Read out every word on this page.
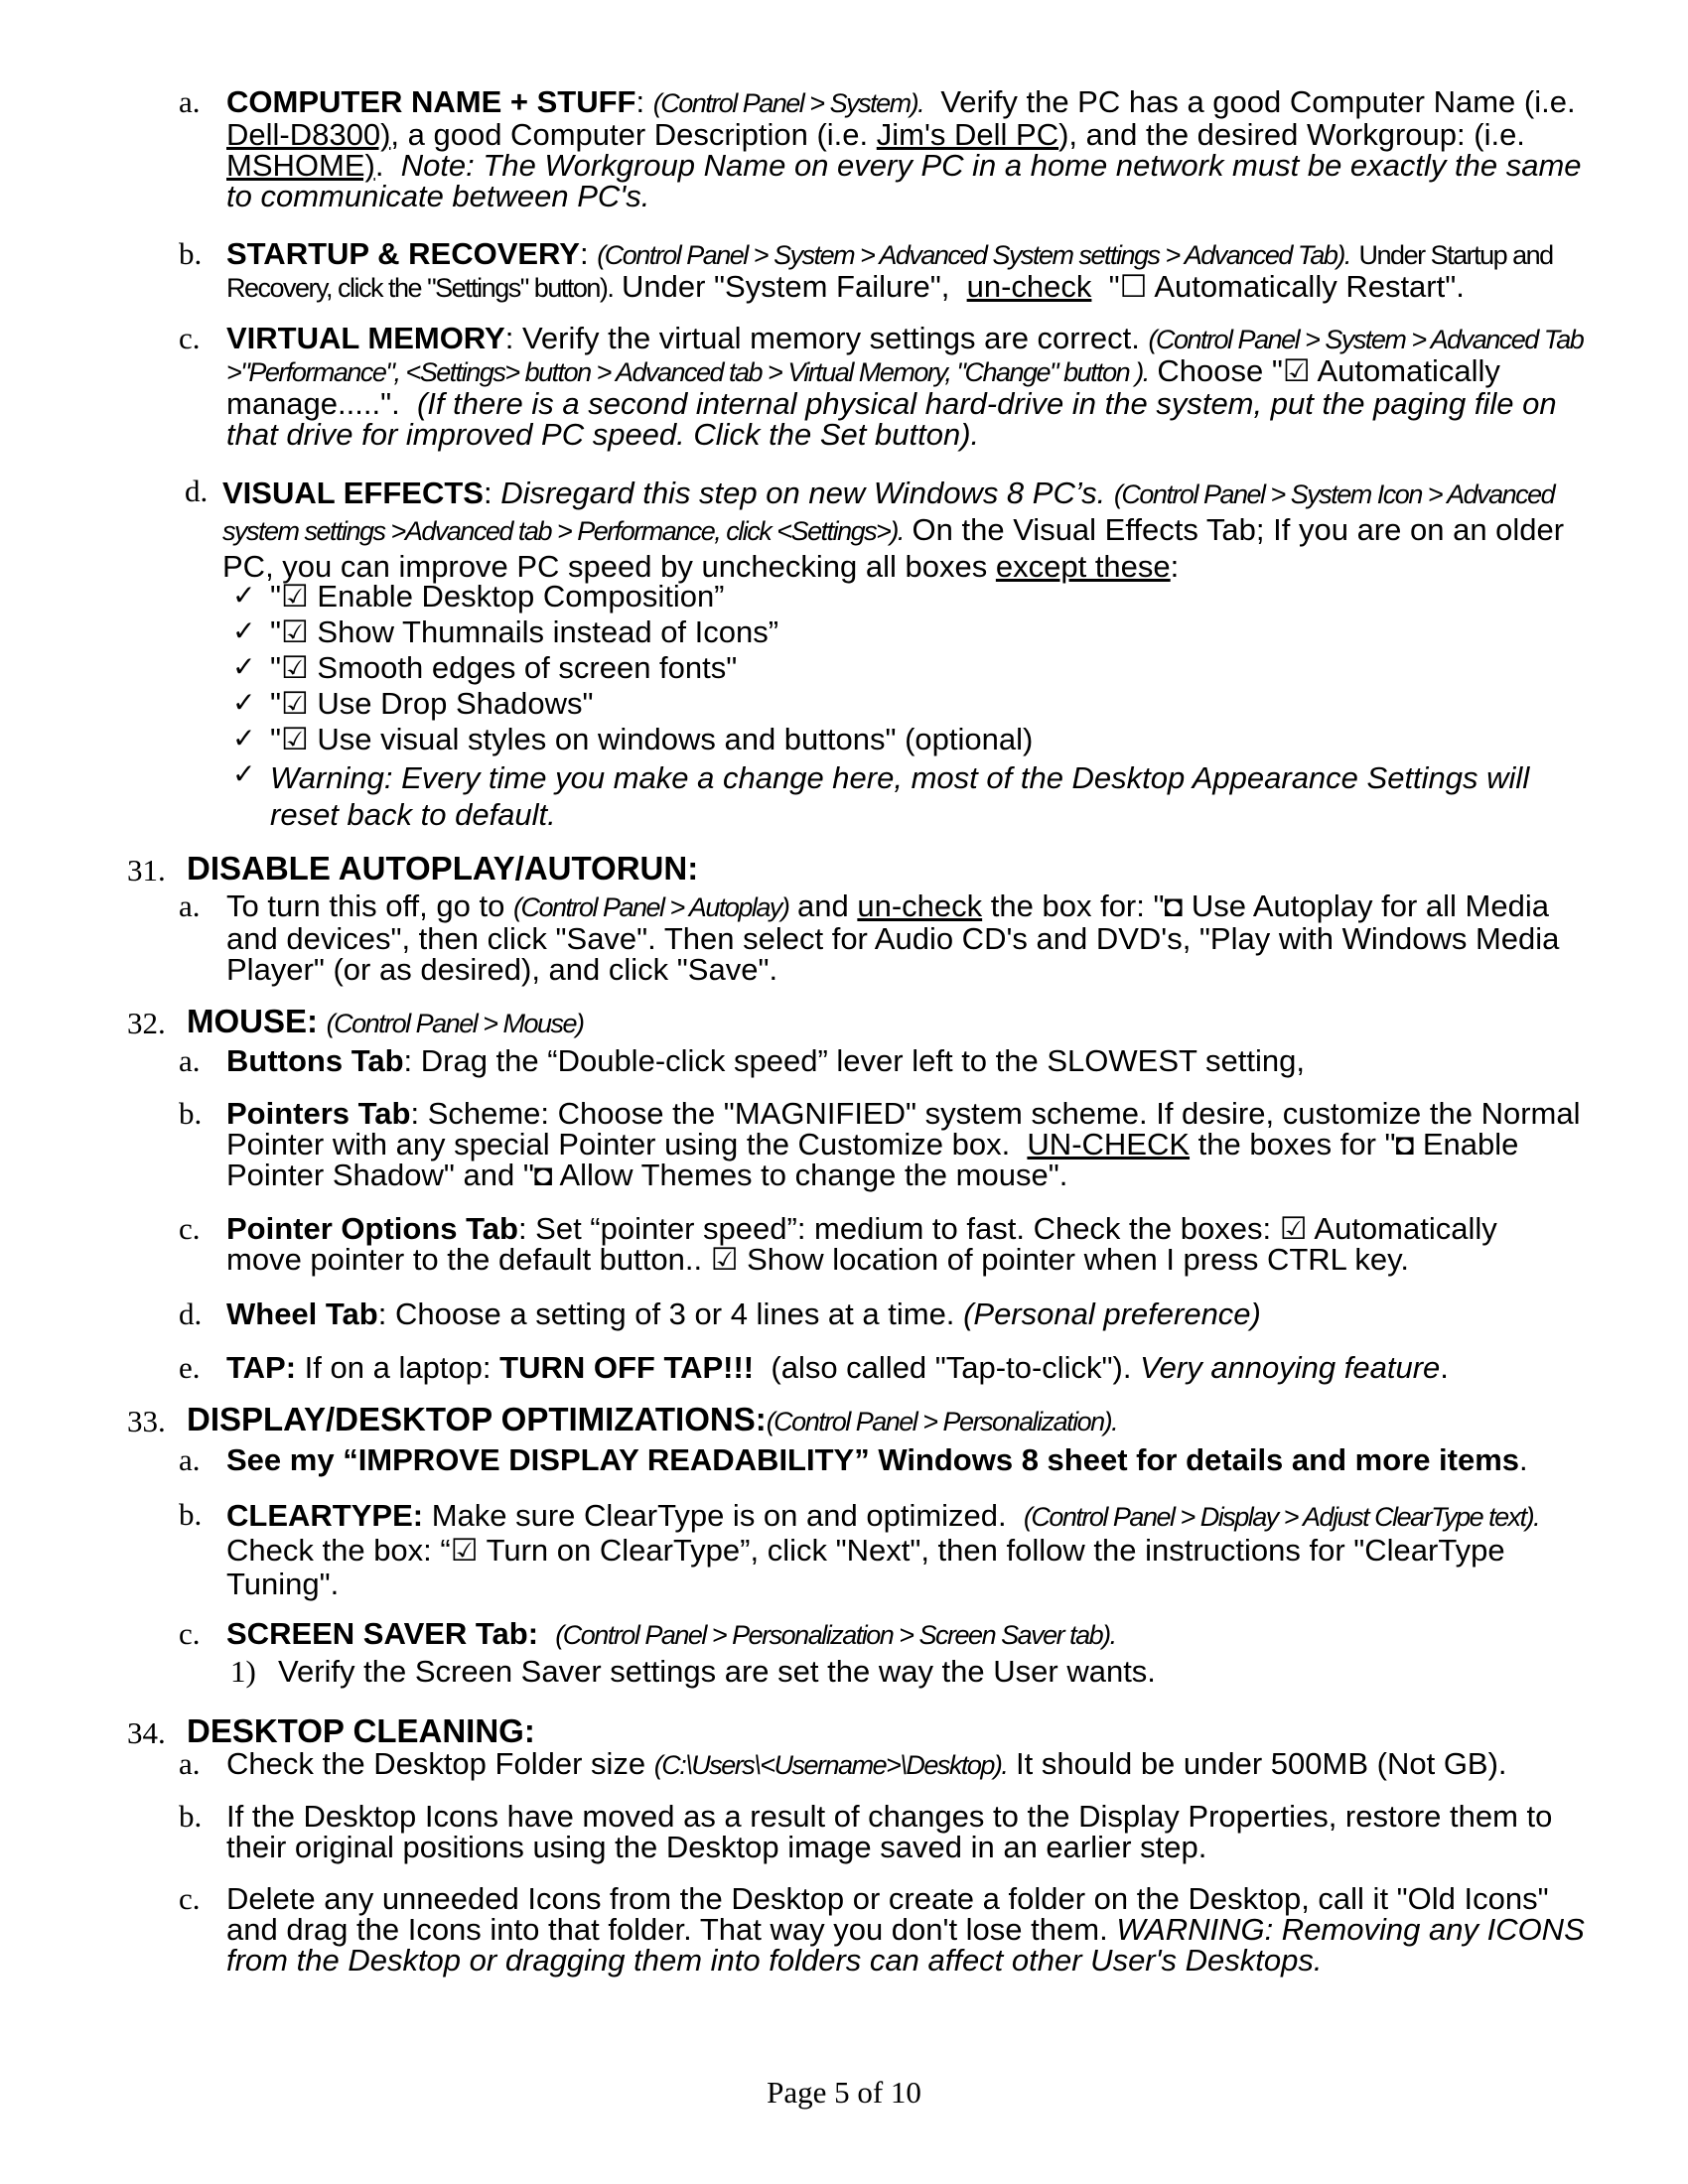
a. COMPUTER NAME + STUFF: (Control Panel > System). Verify the PC has a good Computer Name (i.e. Dell-D8300), a good Computer Description (i.e. Jim's Dell PC), and the desired Workgroup: (i.e. MSHOME). Note: The Workgroup Name on every PC in a home network must be exactly the same to communicate between PC's.
b. STARTUP & RECOVERY: (Control Panel > System > Advanced System settings > Advanced Tab). Under Startup and Recovery, click the "Settings" button). Under "System Failure", un-check "☐ Automatically Restart".
c. VIRTUAL MEMORY: Verify the virtual memory settings are correct. (Control Panel > System > Advanced Tab >"Performance", <Settings> button > Advanced tab > Virtual Memory, "Change" button ). Choose "☑ Automatically manage.....". (If there is a second internal physical hard-drive in the system, put the paging file on that drive for improved PC speed. Click the Set button).
d. VISUAL EFFECTS: Disregard this step on new Windows 8 PC’s. (Control Panel > System Icon > Advanced system settings >Advanced tab > Performance, click <Settings>). On the Visual Effects Tab; If you are on an older PC, you can improve PC speed by unchecking all boxes except these:
✓ "☑ Enable Desktop Composition”
✓ "☑ Show Thumnails instead of Icons”
✓ "☑ Smooth edges of screen fonts"
✓ "☑ Use Drop Shadows"
✓ "☑ Use visual styles on windows and buttons" (optional)
✓ Warning: Every time you make a change here, most of the Desktop Appearance Settings will reset back to default.
31. DISABLE AUTOPLAY/AUTORUN:
a. To turn this off, go to (Control Panel > Autoplay) and un-check the box for: "◘ Use Autoplay for all Media and devices", then click "Save". Then select for Audio CD's and DVD's, "Play with Windows Media Player" (or as desired), and click "Save".
32. MOUSE: (Control Panel > Mouse)
a. Buttons Tab: Drag the “Double-click speed” lever left to the SLOWEST setting,
b. Pointers Tab: Scheme: Choose the "MAGNIFIED" system scheme. If desire, customize the Normal Pointer with any special Pointer using the Customize box. UN-CHECK the boxes for "◘ Enable Pointer Shadow" and "◘ Allow Themes to change the mouse".
c. Pointer Options Tab: Set “pointer speed”: medium to fast. Check the boxes: ☑ Automatically move pointer to the default button.. ☑ Show location of pointer when I press CTRL key.
d. Wheel Tab: Choose a setting of 3 or 4 lines at a time. (Personal preference)
e. TAP: If on a laptop: TURN OFF TAP!!! (also called "Tap-to-click"). Very annoying feature.
33. DISPLAY/DESKTOP OPTIMIZATIONS:(Control Panel > Personalization).
a. See my “IMPROVE DISPLAY READABILITY” Windows 8 sheet for details and more items.
b. CLEARTYPE: Make sure ClearType is on and optimized. (Control Panel > Display > Adjust ClearType text). Check the box: “☑ Turn on ClearType”, click "Next", then follow the instructions for "ClearType Tuning".
c. SCREEN SAVER Tab: (Control Panel > Personalization > Screen Saver tab).
1) Verify the Screen Saver settings are set the way the User wants.
34. DESKTOP CLEANING:
a. Check the Desktop Folder size (C:\Users\<Username>\Desktop). It should be under 500MB (Not GB).
b. If the Desktop Icons have moved as a result of changes to the Display Properties, restore them to their original positions using the Desktop image saved in an earlier step.
c. Delete any unneeded Icons from the Desktop or create a folder on the Desktop, call it "Old Icons" and drag the Icons into that folder. That way you don't lose them. WARNING: Removing any ICONS from the Desktop or dragging them into folders can affect other User's Desktops.
Page 5 of 10
